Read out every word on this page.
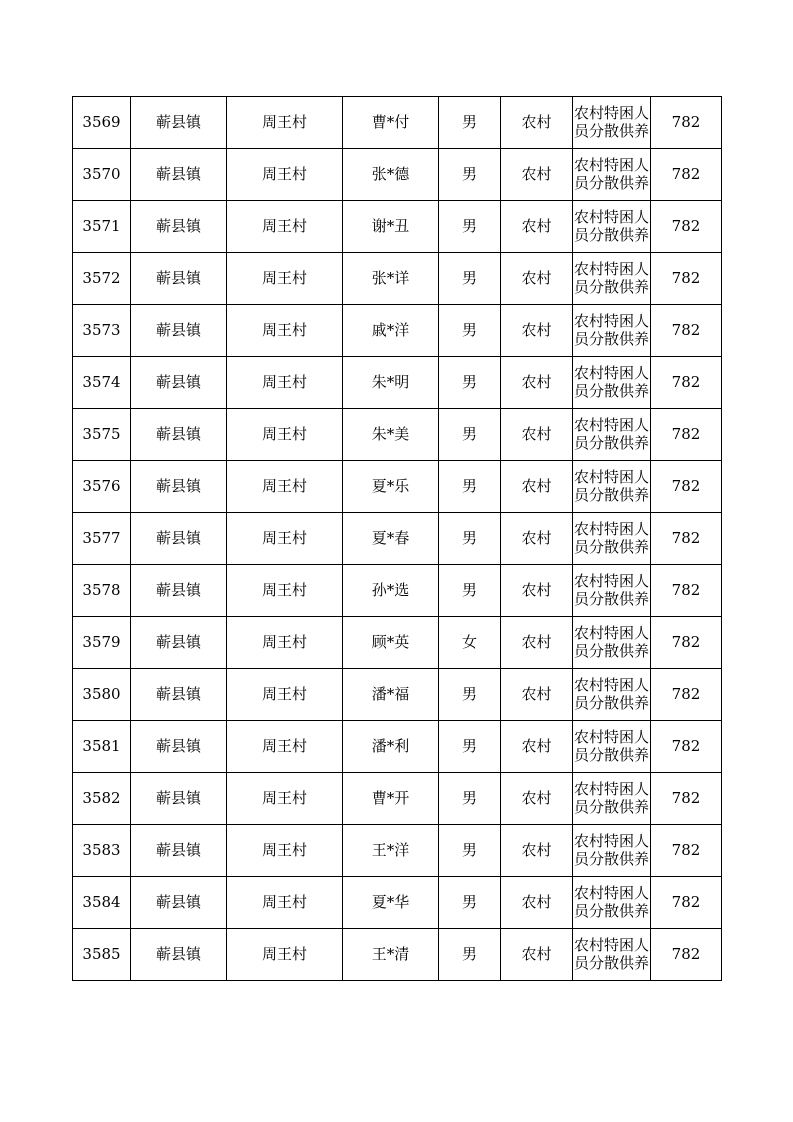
3569	蕲县镇	周王村	曹*付	男	农村	农村特困人员分散供养	782
3570	蕲县镇	周王村	张*德	男	农村	农村特困人员分散供养	782
3571	蕲县镇	周王村	谢*丑	男	农村	农村特困人员分散供养	782
3572	蕲县镇	周王村	张*详	男	农村	农村特困人员分散供养	782
3573	蕲县镇	周王村	戚*洋	男	农村	农村特困人员分散供养	782
3574	蕲县镇	周王村	朱*明	男	农村	农村特困人员分散供养	782
3575	蕲县镇	周王村	朱*美	男	农村	农村特困人员分散供养	782
3576	蕲县镇	周王村	夏*乐	男	农村	农村特困人员分散供养	782
3577	蕲县镇	周王村	夏*春	男	农村	农村特困人员分散供养	782
3578	蕲县镇	周王村	孙*选	男	农村	农村特困人员分散供养	782
3579	蕲县镇	周王村	顾*英	女	农村	农村特困人员分散供养	782
3580	蕲县镇	周王村	潘*福	男	农村	农村特困人员分散供养	782
3581	蕲县镇	周王村	潘*利	男	农村	农村特困人员分散供养	782
3582	蕲县镇	周王村	曹*开	男	农村	农村特困人员分散供养	782
3583	蕲县镇	周王村	王*洋	男	农村	农村特困人员分散供养	782
3584	蕲县镇	周王村	夏*华	男	农村	农村特困人员分散供养	782
3585	蕲县镇	周王村	王*清	男	农村	农村特困人员分散供养	782
